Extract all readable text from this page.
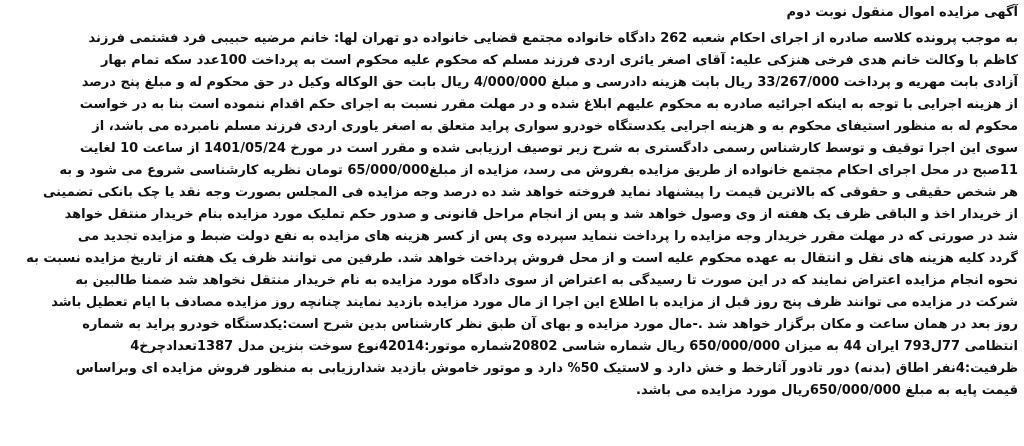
آگهی مزایده اموال منقول نوبت دوم
به موجب پرونده کلاسه صادره از اجرای احکام شعبه 262 دادگاه خانواده مجتمع قضایی خانواده دو تهران لها: خانم مرضیه حبیبی فرد فشتمی فرزند
کاظم با وکالت خانم هدی فرخی هنزکی علیه: آقای اصغر یائری اردی فرزند مسلم که محکوم علیه محکوم است به پرداخت 100عدد سکه تمام بهار
آزادی بابت مهریه و پرداخت 33/267/000 ریال بابت هزینه دادرسی و مبلغ 4/000/000 ریال بابت حق الوکاله وکیل در حق محکوم له و مبلغ پنج درصد
از هزینه اجرایی با توجه به اینکه اجرائیه صادره به محکوم علیهم ابلاغ شده و در مهلت مقرر نسبت به اجرای حکم اقدام ننموده است بنا به در خواست
محکوم له به منظور استیفای محکوم به و هزینه اجرایی یکدستگاه خودرو سواری پراید متعلق به اصغر یاوری اردی فرزند مسلم نامبرده می باشد، از
سوی این اجرا توقیف و توسط کارشناس رسمی دادگستری به شرح زیر توصیف ارزیابی شده و مقرر است در مورخ 1401/05/24 از ساعت 10 لغایت
11صبح در محل اجرای احکام مجتمع خانواده از طریق مزایده بفروش می رسد، مزایده از مبلغ65/000/000 تومان نظریه کارشناسی شروع می شود و به
هر شخص حقیقی و حقوقی که بالاترین قیمت را پیشنهاد نماید فروخته خواهد شد ده درصد وجه مزایده فی المجلس بصورت وجه نقد یا چک بانکی تضمینی
از خریدار اخذ و الباقی ظرف یک هفته از وی وصول خواهد شد و پس از انجام مراحل قانونی و صدور حکم تملیک مورد مزایده بنام خریدار منتقل خواهد
شد در صورتی که در مهلت مقرر خریدار وجه مزایده را پرداخت ننماید سپرده وی پس از کسر هزینه های مزایده به نفع دولت ضبط و مزایده تجدید می
گردد کلیه هزینه های نقل و انتقال به عهده محکوم علیه است و از محل فروش پرداخت خواهد شد. طرفین می توانند ظرف یک هفته از تاریخ مزایده نسبت به
نحوه انجام مزایده اعتراض نمایند که در این صورت تا رسیدگی به اعتراض از سوی دادگاه مورد مزایده به نام خریدار منتقل نخواهد شد ضمنا طالبین به
شرکت در مزایده می توانند ظرف پنج روز قبل از مزایده با اطلاع این اجرا از مال مورد مزایده بازدید نمایند چنانچه روز مزایده مصادف با ایام تعطیل باشد
روز بعد در همان ساعت و مکان برگزار خواهد شد .-مال مورد مزایده و بهای آن طبق نظر کارشناس بدین شرح است:یکدستگاه خودرو پراید به شماره
انتظامی 77ل793 ایران 44 به میزان 650/000/000 ریال شماره شاسی 20802شماره موتور:42014نوع سوخت بنزین مدل 1387تعدادچرخ4
ظرفیت:4نفر اطاق (بدنه) دور تادور آثارخط و خش دارد و لاستیک 50% دارد و موتور خاموش بازدید شدارزیابی به منظور فروش مزایده ای وبراساس
قیمت پایه به مبلغ 650/000/000ریال مورد مزایده می باشد.
